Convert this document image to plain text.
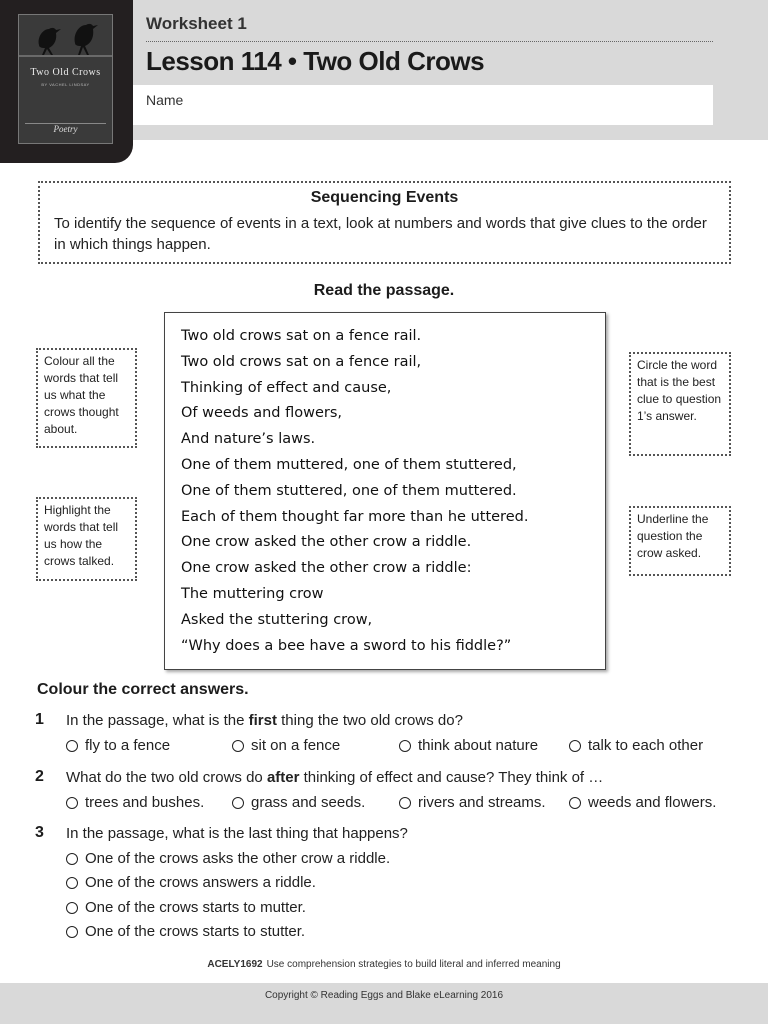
Two Old Crows
BY VACHEL LINDSAY
Poetry
Worksheet 1
Lesson 114 • Two Old Crows
Name
Sequencing Events
To identify the sequence of events in a text, look at numbers and words that give clues to the order in which things happen.
Read the passage.
Two old crows sat on a fence rail.
Two old crows sat on a fence rail,
Thinking of effect and cause,
Of weeds and flowers,
And nature’s laws.
One of them muttered, one of them stuttered,
One of them stuttered, one of them muttered.
Each of them thought far more than he uttered.
One crow asked the other crow a riddle.
One crow asked the other crow a riddle:
The muttering crow
Asked the stuttering crow,
“Why does a bee have a sword to his fiddle?”
Colour all the words that tell us what the crows thought about.
Highlight the words that tell us how the crows talked.
Circle the word that is the best clue to question 1’s answer.
Underline the question the crow asked.
Colour the correct answers.
1 In the passage, what is the first thing the two old crows do?
fly to a fence	sit on a fence	think about nature	talk to each other
2 What do the two old crows do after thinking of effect and cause? They think of …
trees and bushes.	grass and seeds.	rivers and streams.	weeds and flowers.
3 In the passage, what is the last thing that happens?
One of the crows asks the other crow a riddle.
One of the crows answers a riddle.
One of the crows starts to mutter.
One of the crows starts to stutter.
ACELY1692 Use comprehension strategies to build literal and inferred meaning
Copyright © Reading Eggs and Blake eLearning 2016
